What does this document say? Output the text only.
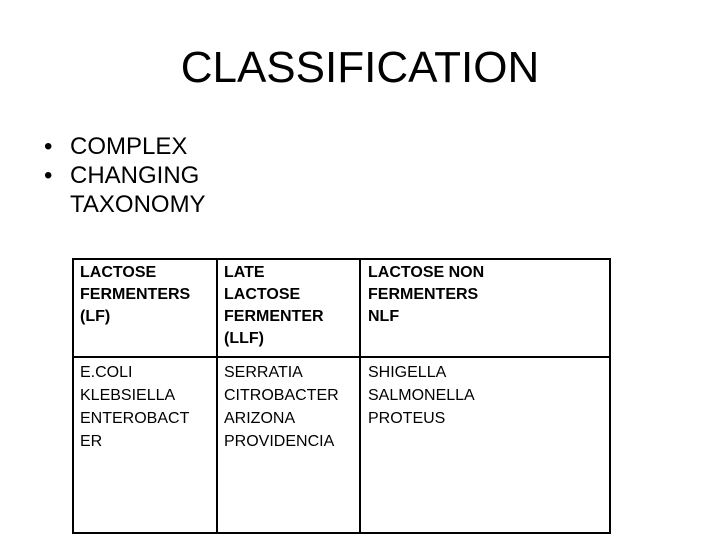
CLASSIFICATION
• COMPLEX
• CHANGING TAXONOMY
LACTOSE
FERMENTERS
(LF)
LATE
LACTOSE
FERMENTER
(LLF)
LACTOSE NON
FERMENTERS
NLF
E.COLI
KLEBSIELLA
ENTEROBACT
ER
SERRATIA
CITROBACTER
ARIZONA
PROVIDENCIA
SHIGELLA
SALMONELLA
PROTEUS
